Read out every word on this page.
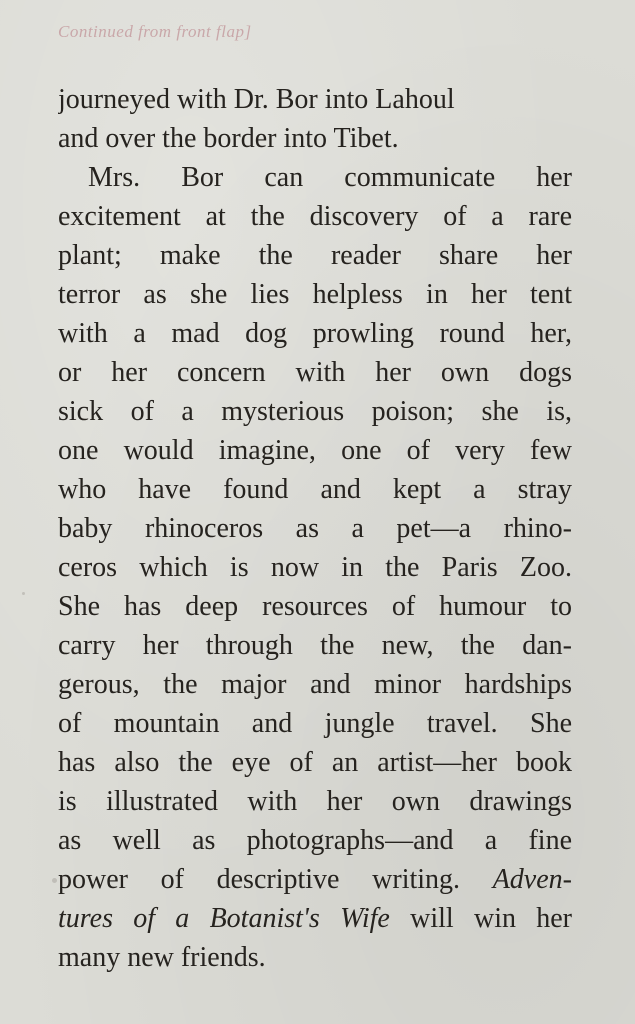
Continued from front flap]
journeyed with Dr. Bor into Lahoul
and over the border into Tibet.
Mrs. Bor can communicate her
excitement at the discovery of a rare
plant; make the reader share her
terror as she lies helpless in her tent
with a mad dog prowling round her,
or her concern with her own dogs
sick of a mysterious poison; she is,
one would imagine, one of very few
who have found and kept a stray
baby rhinoceros as a pet—a rhino-
ceros which is now in the Paris Zoo.
She has deep resources of humour to
carry her through the new, the dan-
gerous, the major and minor hardships
of mountain and jungle travel. She
has also the eye of an artist—her book
is illustrated with her own drawings
as well as photographs—and a fine
power of descriptive writing. Adven-
tures of a Botanist's Wife will win her
many new friends.
